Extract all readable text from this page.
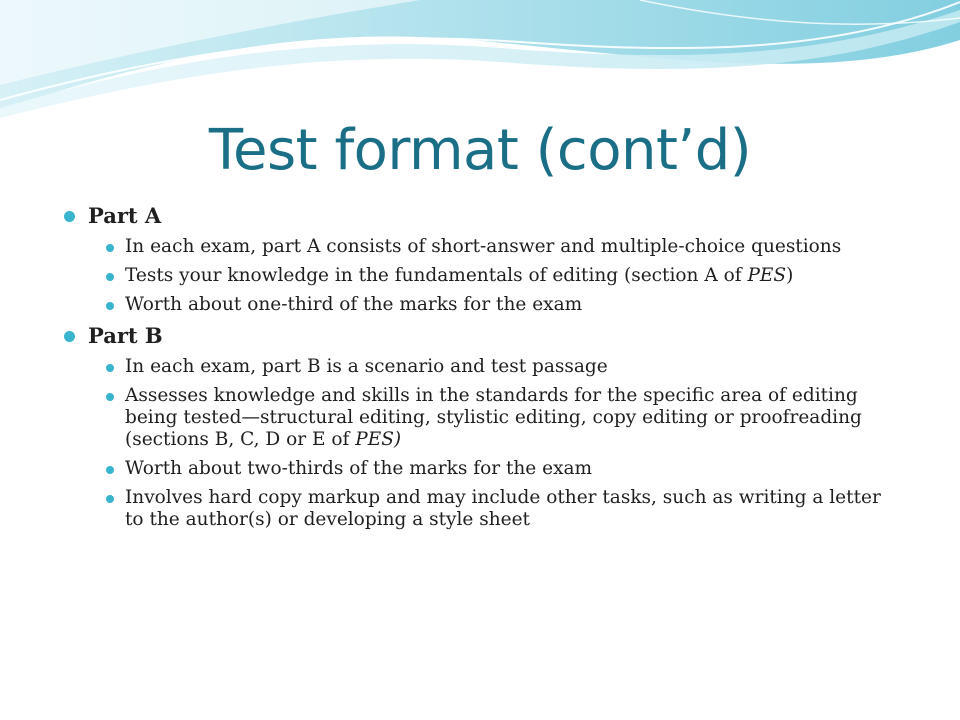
Test format (cont’d)
Part A
In each exam, part A consists of short-answer and multiple-choice questions
Tests your knowledge in the fundamentals of editing (section A of PES)
Worth about one-third of the marks for the exam
Part B
In each exam, part B is a scenario and test passage
Assesses knowledge and skills in the standards for the specific area of editing being tested—structural editing, stylistic editing, copy editing or proofreading (sections B, C, D or E of PES)
Worth about two-thirds of the marks for the exam
Involves hard copy markup and may include other tasks, such as writing a letter to the author(s) or developing a style sheet
